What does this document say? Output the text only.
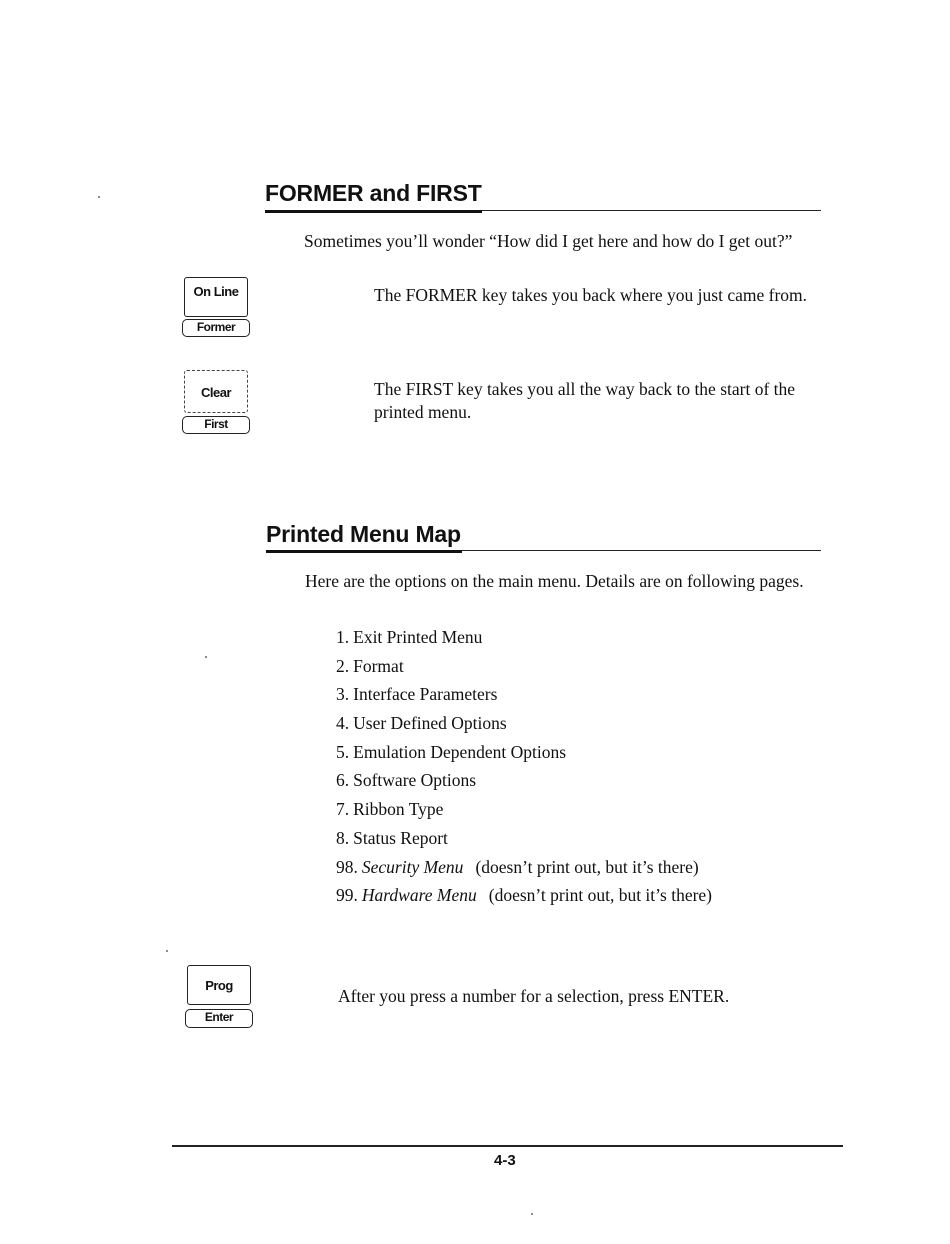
FORMER and FIRST

Sometimes you’ll wonder “How did I get here and how do I get out?”

On Line
Former

The FORMER key takes you back where you just came from.

Clear
First

The FIRST key takes you all the way back to the start of the printed menu.

Printed Menu Map

Here are the options on the main menu. Details are on following pages.

1. Exit Printed Menu
2. Format
3. Interface Parameters
4. User Defined Options
5. Emulation Dependent Options
6. Software Options
7. Ribbon Type
8. Status Report
98. Security Menu (doesn’t print out, but it’s there)
99. Hardware Menu (doesn’t print out, but it’s there)
Prog
Enter

After you press a number for a selection, press ENTER.

4-3
